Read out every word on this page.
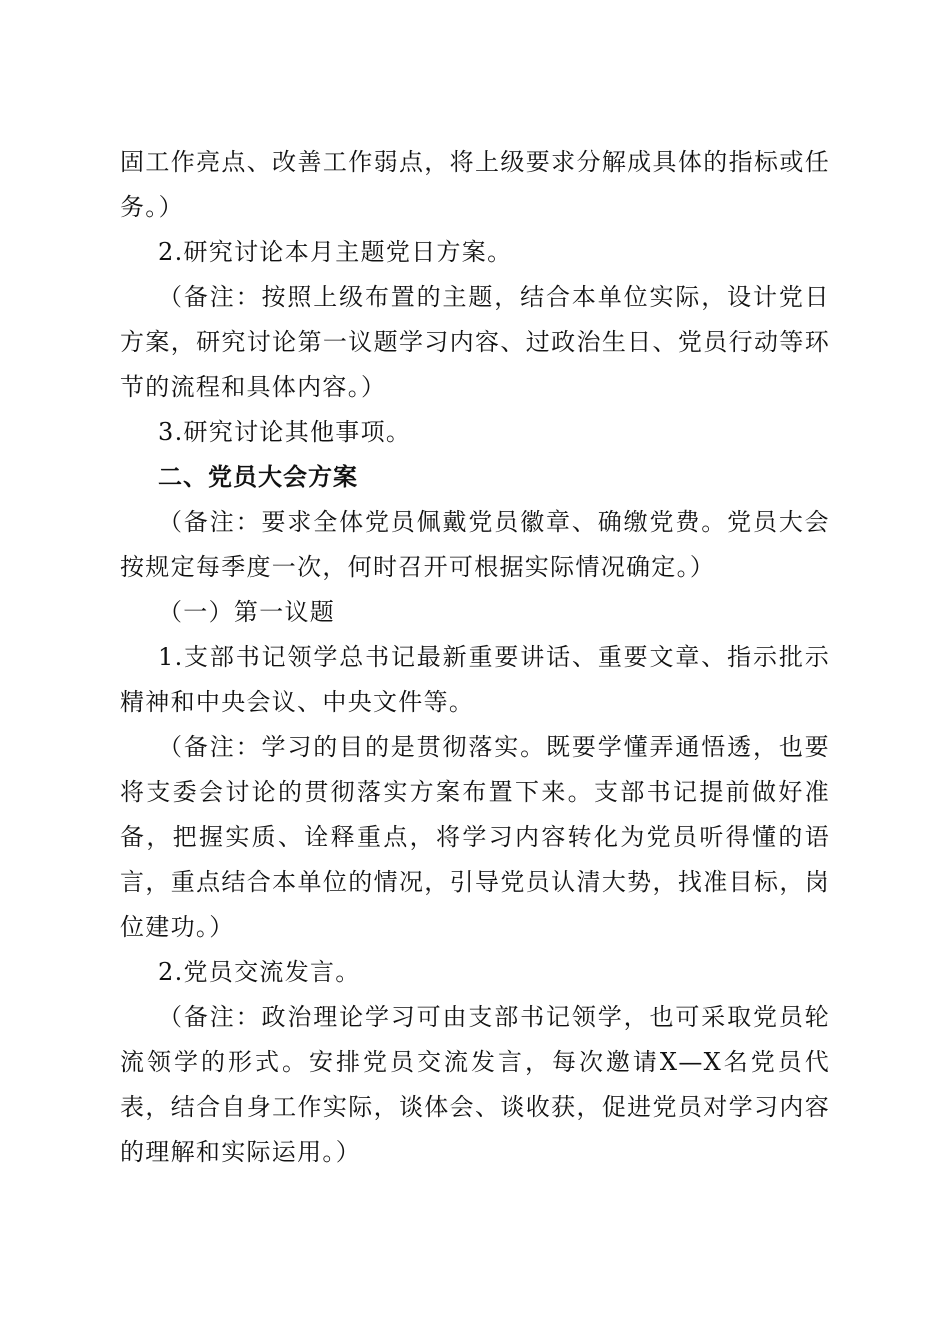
固工作亮点、改善工作弱点，将上级要求分解成具体的指标或任务。）

2.研究讨论本月主题党日方案。

（备注：按照上级布置的主题，结合本单位实际，设计党日方案，研究讨论第一议题学习内容、过政治生日、党员行动等环节的流程和具体内容。）

3.研究讨论其他事项。

二、党员大会方案

（备注：要求全体党员佩戴党员徽章、确缴党费。党员大会按规定每季度一次，何时召开可根据实际情况确定。）

（一）第一议题

1.支部书记领学总书记最新重要讲话、重要文章、指示批示精神和中央会议、中央文件等。

（备注：学习的目的是贯彻落实。既要学懂弄通悟透，也要将支委会讨论的贯彻落实方案布置下来。支部书记提前做好准备，把握实质、诠释重点，将学习内容转化为党员听得懂的语言，重点结合本单位的情况，引导党员认清大势，找准目标，岗位建功。）

2.党员交流发言。

（备注：政治理论学习可由支部书记领学，也可采取党员轮流领学的形式。安排党员交流发言，每次邀请X—X名党员代表，结合自身工作实际，谈体会、谈收获，促进党员对学习内容的理解和实际运用。）
